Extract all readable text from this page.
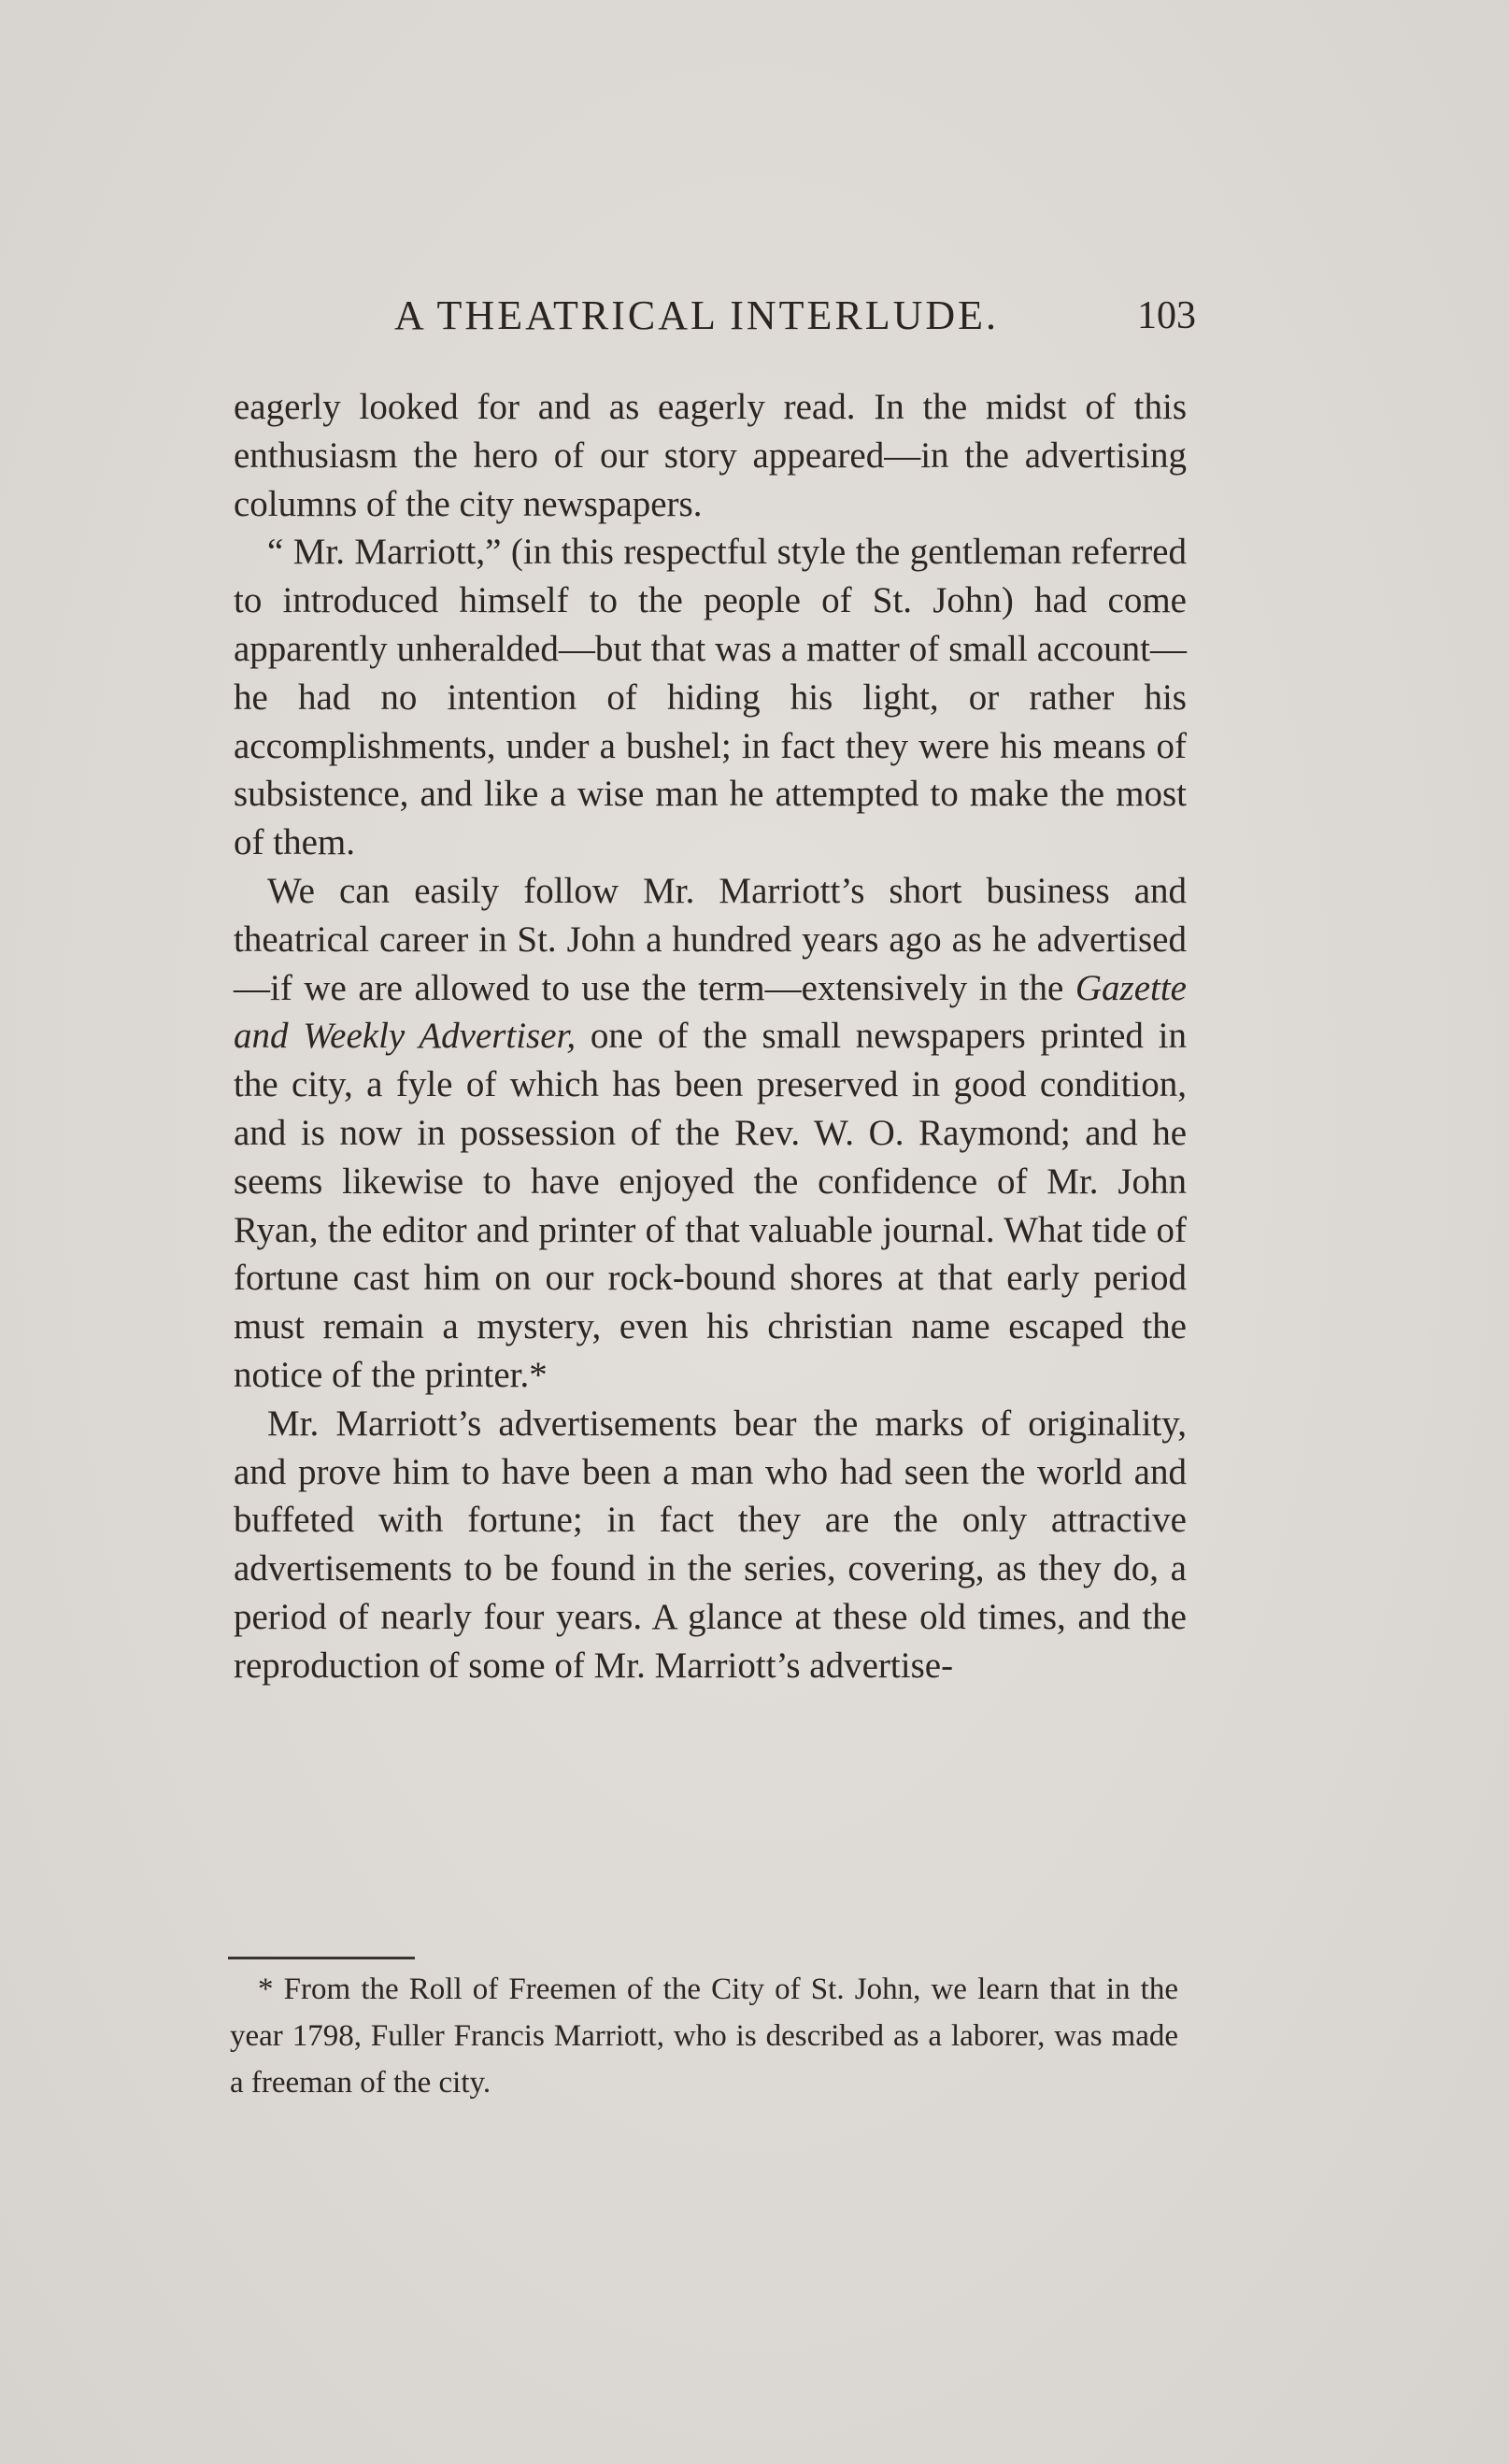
A THEATRICAL INTERLUDE.	103

eagerly looked for and as eagerly read. In the midst of this enthusiasm the hero of our story appeared—in the advertising columns of the city newspapers.

“ Mr. Marriott,” (in this respectful style the gentleman referred to introduced himself to the people of St. John) had come apparently unheralded—but that was a matter of small account—he had no intention of hiding his light, or rather his accomplishments, under a bushel; in fact they were his means of subsistence, and like a wise man he attempted to make the most of them.

We can easily follow Mr. Marriott’s short business and theatrical career in St. John a hundred years ago as he advertised—if we are allowed to use the term—extensively in the Gazette and Weekly Advertiser, one of the small newspapers printed in the city, a fyle of which has been preserved in good condition, and is now in possession of the Rev. W. O. Raymond; and he seems likewise to have enjoyed the confidence of Mr. John Ryan, the editor and printer of that valuable journal. What tide of fortune cast him on our rock-bound shores at that early period must remain a mystery, even his christian name escaped the notice of the printer.*

Mr. Marriott’s advertisements bear the marks of originality, and prove him to have been a man who had seen the world and buffeted with fortune; in fact they are the only attractive advertisements to be found in the series, covering, as they do, a period of nearly four years. A glance at these old times, and the reproduction of some of Mr. Marriott’s advertise-

* From the Roll of Freemen of the City of St. John, we learn that in the year 1798, Fuller Francis Marriott, who is described as a laborer, was made a freeman of the city.
